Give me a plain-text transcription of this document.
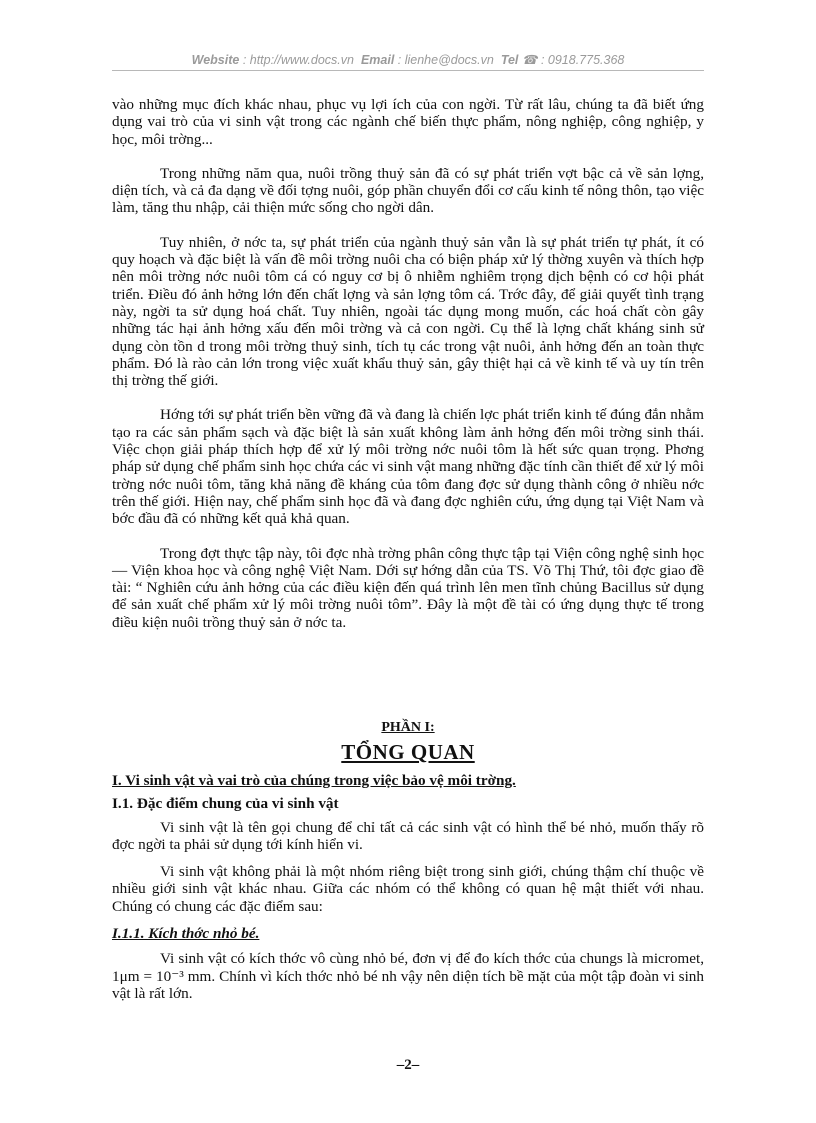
Website : http://www.docs.vn Email : lienhe@docs.vn Tel ☎ : 0918.775.368

vào những mục đích khác nhau, phục vụ lợi ích của con ngời. Từ rất lâu, chúng ta đã biết ứng dụng vai trò của vi sinh vật trong các ngành chế biến thực phẩm, nông nghiệp, công nghiệp, y học, môi trờng...

Trong những năm qua, nuôi trồng thuỷ sản đã có sự phát triển vợt bậc cả về sản lợng, diện tích, và cả đa dạng về đối tợng nuôi, góp phần chuyển đổi cơ cấu kinh tế nông thôn, tạo việc làm, tăng thu nhập, cải thiện mức sống cho ngời dân.

Tuy nhiên, ở nớc ta, sự phát triển của ngành thuỷ sản vẫn là sự phát triển tự phát, ít có quy hoạch và đặc biệt là vấn đề môi trờng nuôi cha có biện pháp xử lý thờng xuyên và thích hợp nên môi trờng nớc nuôi tôm cá có nguy cơ bị ô nhiễm nghiêm trọng dịch bệnh có cơ hội phát triển. Điều đó ảnh hởng lớn đến chất lợng và sản lợng tôm cá. Trớc đây, để giải quyết tình trạng này, ngời ta sử dụng hoá chất. Tuy nhiên, ngoài tác dụng mong muốn, các hoá chất còn gây những tác hại ảnh hởng xấu đến môi trờng và cả con ngời. Cụ thể là lợng chất kháng sinh sử dụng còn tồn d trong môi trờng thuỷ sinh, tích tụ các trong vật nuôi, ảnh hởng đến an toàn thực phẩm. Đó là rào cản lớn trong việc xuất khẩu thuỷ sản, gây thiệt hại cả về kinh tế và uy tín trên thị trờng thế giới.

Hớng tới sự phát triển bền vững đã và đang là chiến lợc phát triển kinh tế đúng đắn nhằm tạo ra các sản phẩm sạch và đặc biệt là sản xuất không làm ảnh hởng đến môi trờng sinh thái. Việc chọn giải pháp thích hợp để xử lý môi trờng nớc nuôi tôm là hết sức quan trọng. Phơng pháp sử dụng chế phẩm sinh học chứa các vi sinh vật mang những đặc tính cần thiết để xử lý môi trờng nớc nuôi tôm, tăng khả năng đề kháng của tôm đang đợc sử dụng thành công ở nhiều nớc trên thế giới. Hiện nay, chế phẩm sinh học đã và đang đợc nghiên cứu, ứng dụng tại Việt Nam và bớc đầu đã có những kết quả khả quan.

Trong đợt thực tập này, tôi đợc nhà trờng phân công thực tập tại Viện công nghệ sinh học — Viện khoa học và công nghệ Việt Nam. Dới sự hớng dẫn của TS. Võ Thị Thứ, tôi đợc giao đề tài: “ Nghiên cứu ảnh hởng của các điều kiện đến quá trình lên men tĩnh chủng Bacillus sử dụng để sản xuất chế phẩm xử lý môi trờng nuôi tôm”. Đây là một đề tài có ứng dụng thực tế trong điều kiện nuôi trồng thuỷ sản ở nớc ta.

PHẦN I:
TỔNG QUAN
I. Vi sinh vật và vai trò của chúng trong việc bảo vệ môi trờng.
I.1. Đặc điểm chung của vi sinh vật

Vi sinh vật là tên gọi chung để chỉ tất cả các sinh vật có hình thể bé nhỏ, muốn thấy rõ đợc ngời ta phải sử dụng tới kính hiển vi.

Vi sinh vật không phải là một nhóm riêng biệt trong sinh giới, chúng thậm chí thuộc về nhiều giới sinh vật khác nhau. Giữa các nhóm có thể không có quan hệ mật thiết với nhau. Chúng có chung các đặc điểm sau:

I.1.1. Kích thớc nhỏ bé.

Vi sinh vật có kích thớc vô cùng nhỏ bé, đơn vị để đo kích thớc của chungs là micromet, 1μm = 10⁻³ mm. Chính vì kích thớc nhỏ bé nh vậy nên diện tích bề mặt của một tập đoàn vi sinh vật là rất lớn.

–2–
